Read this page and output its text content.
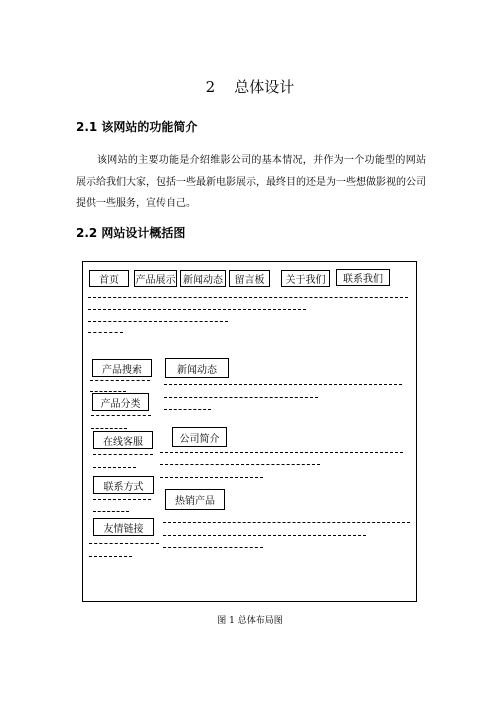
2 总体设计
2.1 该网站的功能简介
该网站的主要功能是介绍维影公司的基本情况，并作为一个功能型的网站展示给我们大家，包括一些最新电影展示，最终目的还是为一些想做影视的公司提供一些服务，宣传自己。
2.2 网站设计概括图
首页	产品展示 新闻动态	留言板	关于我们	联系我们
产品搜索
产品分类
在线客服
联系方式
友情链接
新闻动态
公司简介
热销产品
图 1 总体布局图
